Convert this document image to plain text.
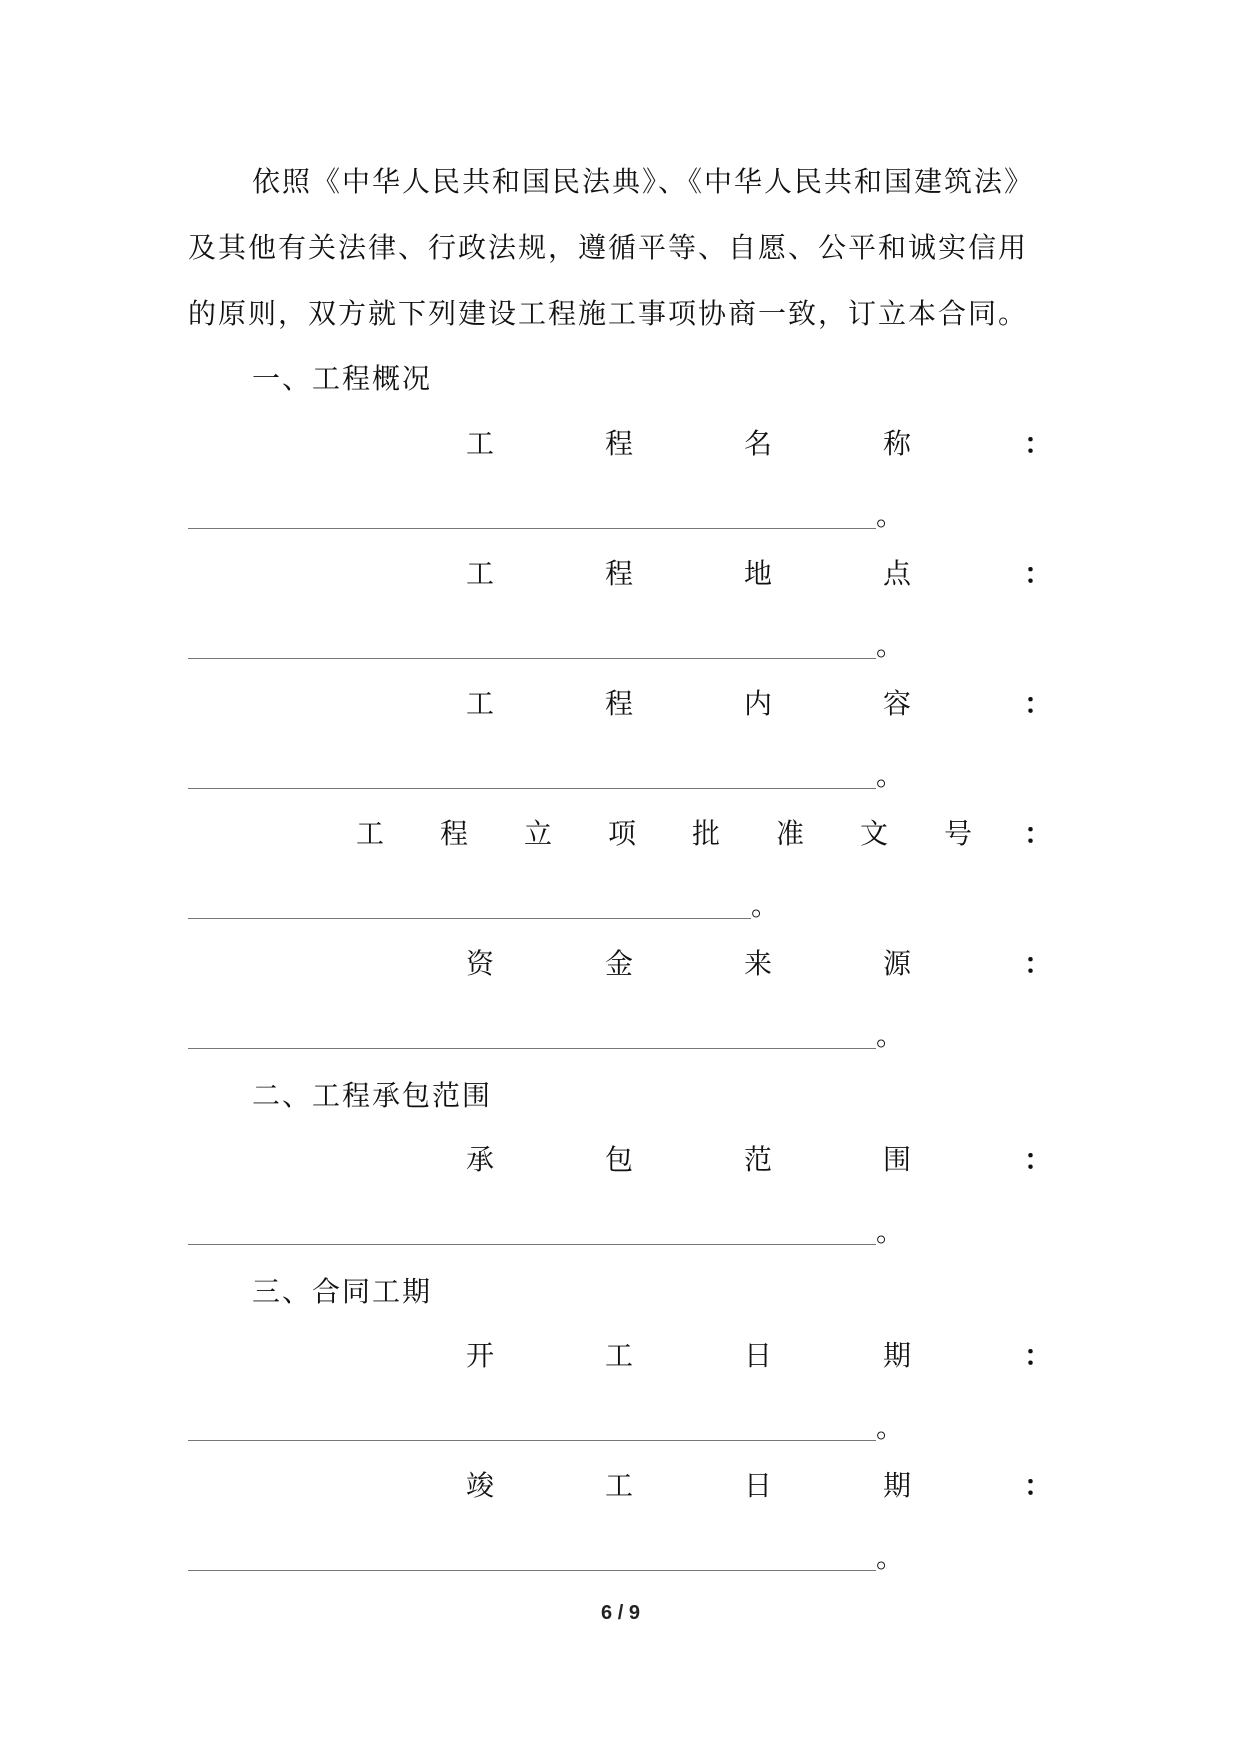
依照《中华人民共和国民法典》、《中华人民共和国建筑法》
及其他有关法律、行政法规，遵循平等、自愿、公平和诚实信用
的原则，双方就下列建设工程施工事项协商一致，订立本合同。
一、工程概况
工	程	名	称	：
。
工	程	地	点	：
。
工	程	内	容	：
。
工 程 立 项 批 准 文 号 ：
。
资	金	来	源	：
。
二、工程承包范围
承	包	范	围	：
。
三、合同工期
开	工	日	期	：
。
竣	工	日	期	：
。
6 / 9
